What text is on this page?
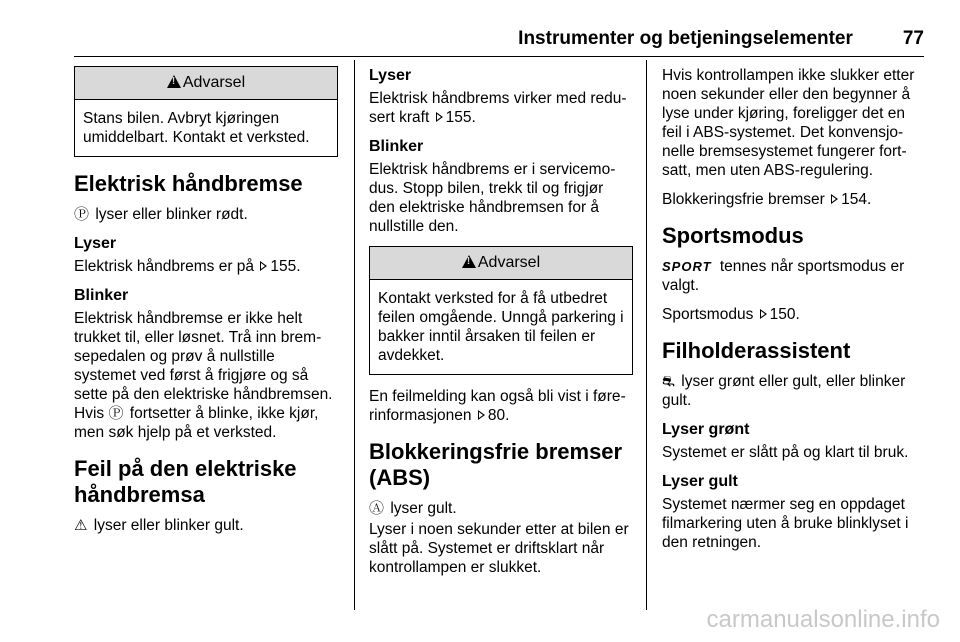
Instrumenter og betjeningselementer	77
!Advarsel
Stans bilen. Avbryt kjøringen umiddelbart. Kontakt et verksted.
Elektrisk håndbremse

Ⓟ lyser eller blinker rødt.

Lyser

Elektrisk håndbrems er på 155.

Blinker

Elektrisk håndbremse er ikke helt trukket til, eller løsnet. Trå inn bremsepedalen og prøv å nullstille systemet ved først å frigjøre og så sette på den elektriske håndbremsen. Hvis Ⓟ fortsetter å blinke, ikke kjør, men søk hjelp på et verksted.

Feil på den elektriske håndbremsa

⚠ lyser eller blinker gult.

Lyser

Elektrisk håndbrems virker med redusert kraft 155.

Blinker

Elektrisk håndbrems er i servicemodus. Stopp bilen, trekk til og frigjør den elektriske håndbremsen for å nullstille den.

!Advarsel
Kontakt verksted for å få utbedret feilen omgående. Unngå parkering i bakker inntil årsaken til feilen er avdekket.

En feilmelding kan også bli vist i førerinformasjonen 80.

Blokkeringsfrie bremser (ABS)

Ⓐ lyser gult.

Lyser i noen sekunder etter at bilen er slått på. Systemet er driftsklart når kontrollampen er slukket.

Hvis kontrollampen ikke slukker etter noen sekunder eller den begynner å lyse under kjøring, foreligger det en feil i ABS-systemet. Det konvensjonelle bremsesystemet fungerer fortsatt, men uten ABS-regulering.

Blokkeringsfrie bremser 154.

Sportsmodus

SPORT tennes når sportsmodus er valgt.

Sportsmodus 150.

Filholderassistent

⛐ lyser grønt eller gult, eller blinker gult.

Lyser grønt

Systemet er slått på og klart til bruk.

Lyser gult

Systemet nærmer seg en oppdaget filmarkering uten å bruke blinklyset i den retningen.

carmanualsonline.info
